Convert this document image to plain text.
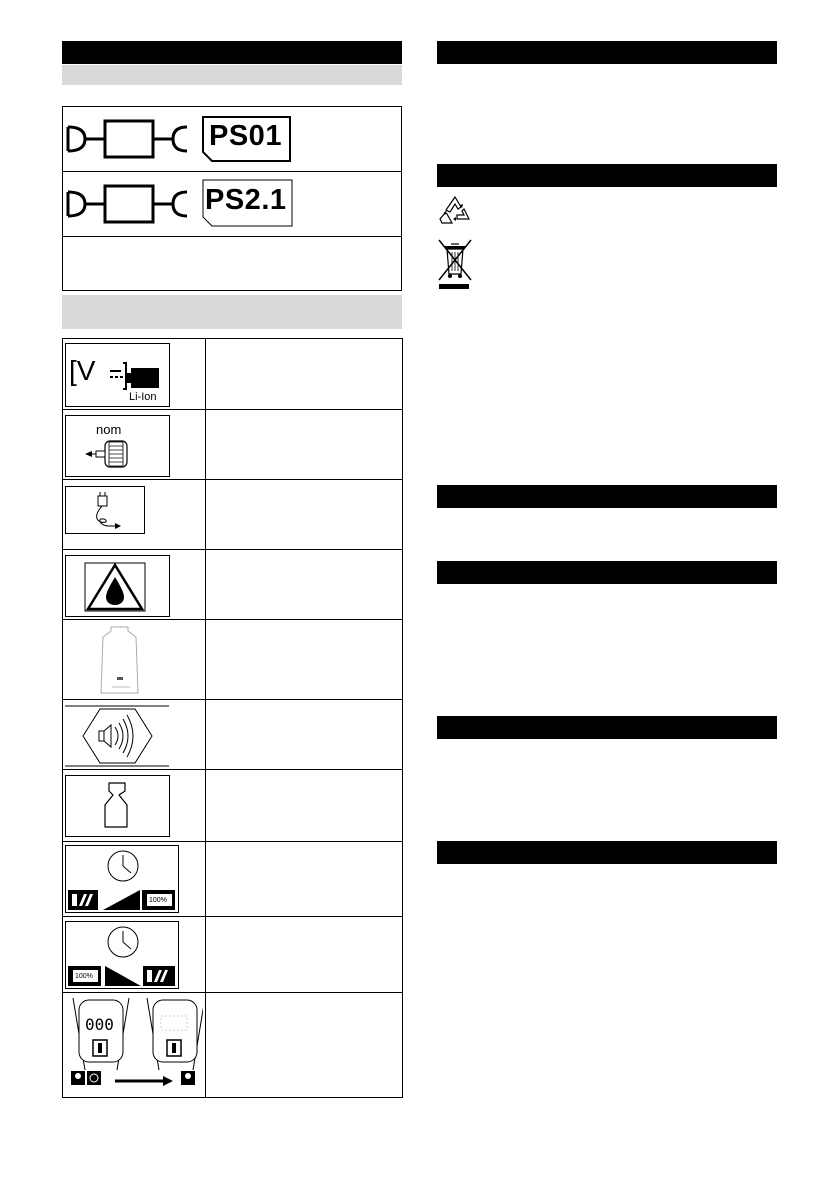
PS01
PS2.1
[V
Li-Ion
nom
100%
100%
000
